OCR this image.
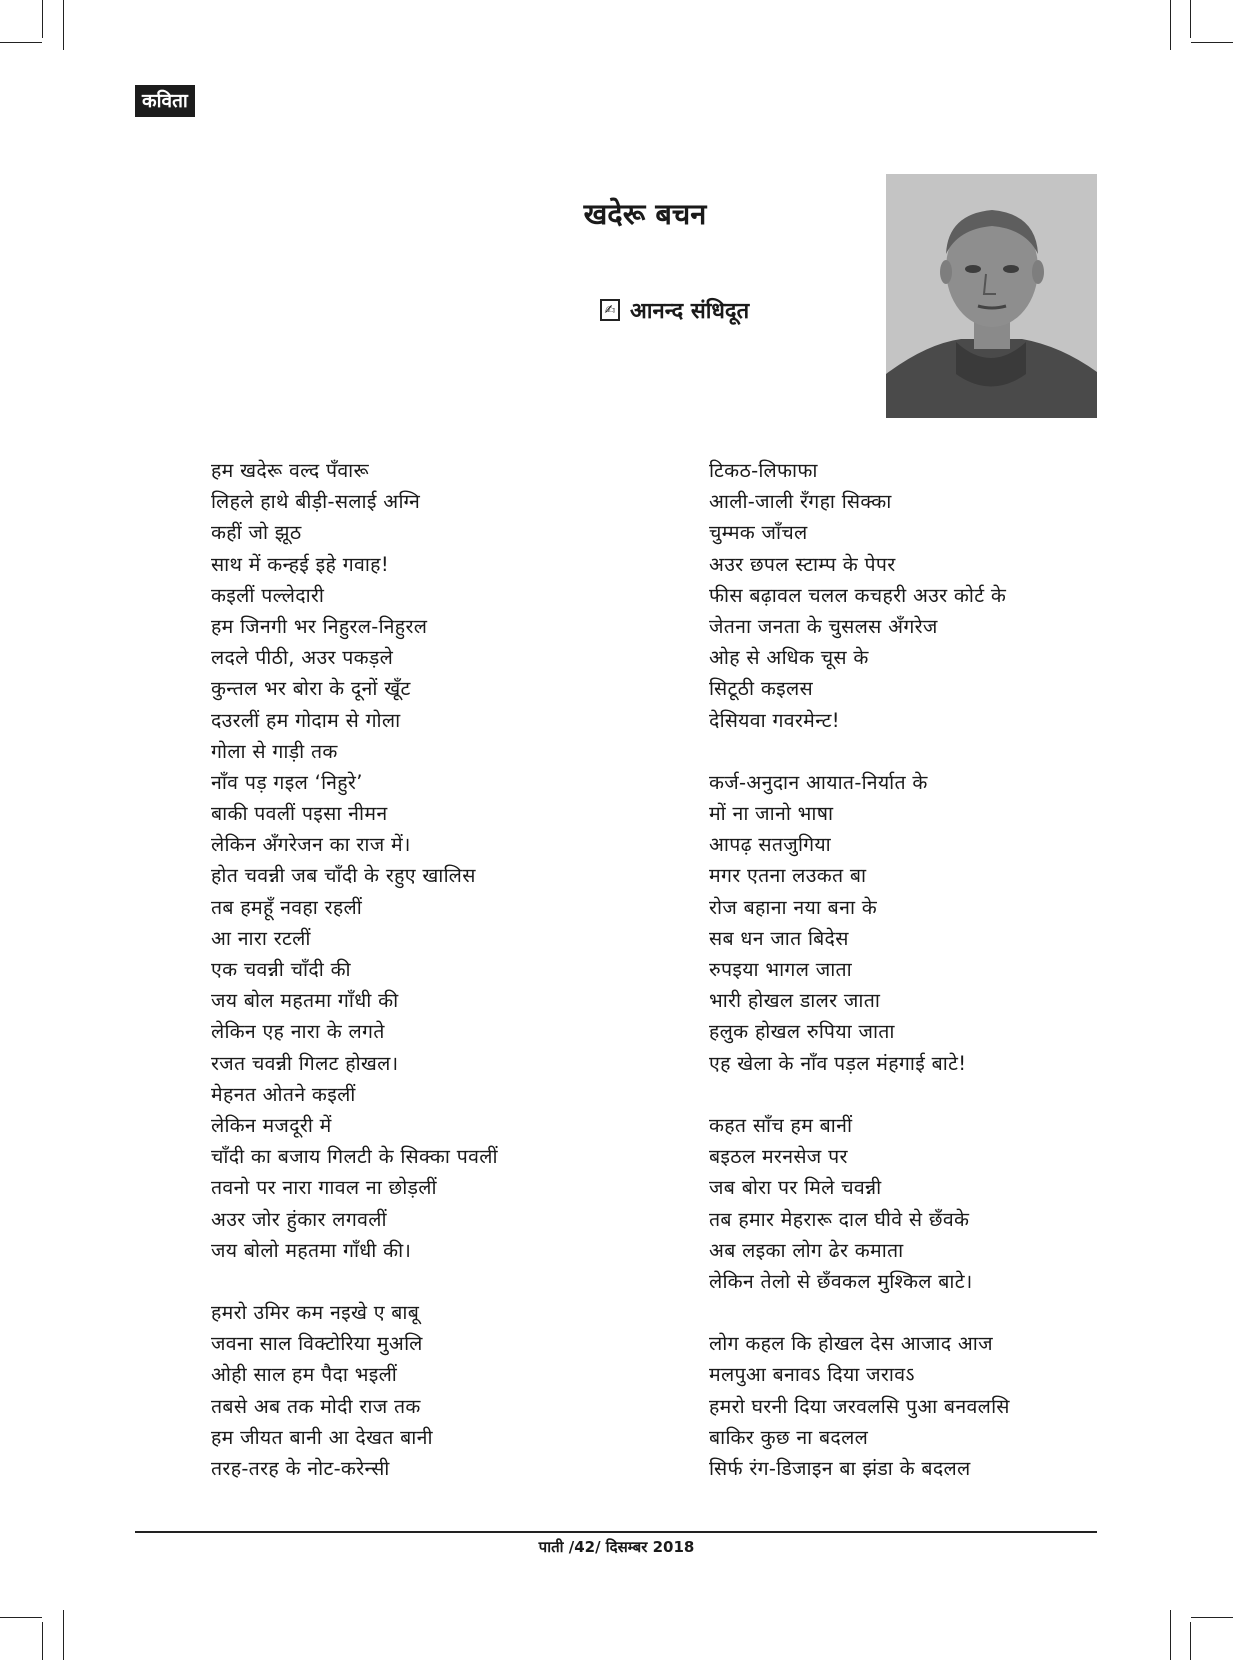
कविता
खदेरू बचन
✍ आनन्द संधिदूत
हम खदेरू वल्द पँवारू
लिहले हाथे बीड़ी-सलाई अग्नि
कहीं जो झूठ
साथ में कन्हई इहे गवाह!
कइलीं पल्लेदारी
हम जिनगी भर निहुरल-निहुरल
लदले पीठी, अउर पकड़ले
कुन्तल भर बोरा के दूनों खूँट
दउरलीं हम गोदाम से गोला
गोला से गाड़ी तक
नाँव पड़ गइल ‘निहुरे’
बाकी पवलीं पइसा नीमन
लेकिन अँगरेजन का राज में।
होत चवन्नी जब चाँदी के रहुए खालिस
तब हमहूँ नवहा रहलीं
आ नारा रटलीं
एक चवन्नी चाँदी की
जय बोल महतमा गाँधी की
लेकिन एह नारा के लगते
रजत चवन्नी गिलट होखल।
मेहनत ओतने कइलीं
लेकिन मजदूरी में
चाँदी का बजाय गिलटी के सिक्का पवलीं
तवनो पर नारा गावल ना छोड़लीं
अउर जोर हुंकार लगवलीं
जय बोलो महतमा गाँधी की।
हमरो उमिर कम नइखे ए बाबू
जवना साल विक्टोरिया मुअलि
ओही साल हम पैदा भइलीं
तबसे अब तक मोदी राज तक
हम जीयत बानी आ देखत बानी
तरह-तरह के नोट-करेन्सी
टिकठ-लिफाफा
आली-जाली रँगहा सिक्का
चुम्मक जाँचल
अउर छपल स्टाम्प के पेपर
फीस बढ़ावल चलल कचहरी अउर कोर्ट के
जेतना जनता के चुसलस अँगरेज
ओह से अधिक चूस के
सिटूठी कइलस
देसियवा गवरमेन्ट!
कर्ज-अनुदान आयात-निर्यात के
मों ना जानो भाषा
आपढ़ सतजुगिया
मगर एतना लउकत बा
रोज बहाना नया बना के
सब धन जात बिदेस
रुपइया भागल जाता
भारी होखल डालर जाता
हलुक होखल रुपिया जाता
एह खेला के नाँव पड़ल मंहगाई बाटे!
कहत साँच हम बानीं
बइठल मरनसेज पर
जब बोरा पर मिले चवन्नी
तब हमार मेहरारू दाल घीवे से छँवके
अब लइका लोग ढेर कमाता
लेकिन तेलो से छँवकल मुश्किल बाटे।
लोग कहल कि होखल देस आजाद आज
मलपुआ बनावऽ दिया जरावऽ
हमरो घरनी दिया जरवलसि पुआ बनवलसि
बाकिर कुछ ना बदलल
सिर्फ रंग-डिजाइन बा झंडा के बदलल
पाती /42/ दिसम्बर 2018
